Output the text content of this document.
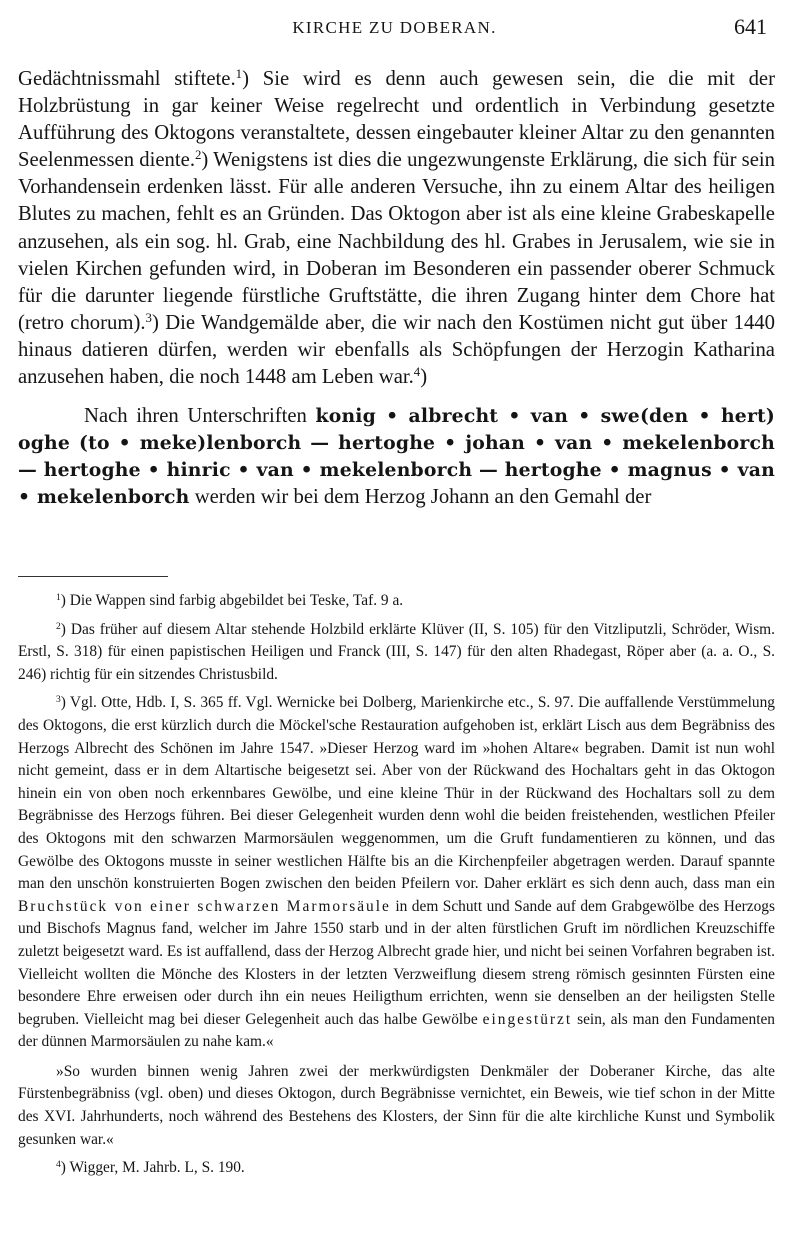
KIRCHE ZU DOBERAN.	641

Gedächtnissmahl stiftete.$^1$) Sie wird es denn auch gewesen sein, die die mit der Holzbrüstung in gar keiner Weise regelrecht und ordentlich in Verbindung gesetzte Aufführung des Oktogons veranstaltete, dessen eingebauter kleiner Altar zu den genannten Seelenmessen diente.$^2$) Wenigstens ist dies die ungezwungenste Erklärung, die sich für sein Vorhandensein erdenken lässt. Für alle anderen Versuche, ihn zu einem Altar des heiligen Blutes zu machen, fehlt es an Gründen. Das Oktogon aber ist als eine kleine Grabeskapelle anzusehen, als ein sog. hl. Grab, eine Nachbildung des hl. Grabes in Jerusalem, wie sie in vielen Kirchen gefunden wird, in Doberan im Besonderen ein passender oberer Schmuck für die darunter liegende fürstliche Gruftstätte, die ihren Zugang hinter dem Chore hat (retro chorum).$^3$) Die Wandgemälde aber, die wir nach den Kostümen nicht gut über 1440 hinaus datieren dürfen, werden wir ebenfalls als Schöpfungen der Herzogin Katharina anzusehen haben, die noch 1448 am Leben war.$^4$)

Nach ihren Unterschriften konig • albrecht • van • swe(den • hert) oghe (to • meke)lenborch — hertoghe • johan • van • mekelenborch — hertoghe • hinric • van • mekelenborch — hertoghe • magnus • van • mekelenborch werden wir bei dem Herzog Johann an den Gemahl der

$^1$) Die Wappen sind farbig abgebildet bei Teske, Taf. 9 a.

$^2$) Das früher auf diesem Altar stehende Holzbild erklärte Klüver (II, S. 105) für den Vitzliputzli, Schröder, Wism. Erstl, S. 318) für einen papistischen Heiligen und Franck (III, S. 147) für den alten Rhadegast, Röper aber (a. a. O., S. 246) richtig für ein sitzendes Christusbild.

$^3$) Vgl. Otte, Hdb. I, S. 365 ff. Vgl. Wernicke bei Dolberg, Marienkirche etc., S. 97. Die auffallende Verstümmelung des Oktogons, die erst kürzlich durch die Möckel'sche Restauration aufgehoben ist, erklärt Lisch aus dem Begräbniss des Herzogs Albrecht des Schönen im Jahre 1547. »Dieser Herzog ward im »hohen Altare« begraben. Damit ist nun wohl nicht gemeint, dass er in dem Altartische beigesetzt sei. Aber von der Rückwand des Hochaltars geht in das Oktogon hinein ein von oben noch erkennbares Gewölbe, und eine kleine Thür in der Rückwand des Hochaltars soll zu dem Begräbnisse des Herzogs führen. Bei dieser Gelegenheit wurden denn wohl die beiden freistehenden, westlichen Pfeiler des Oktogons mit den schwarzen Marmorsäulen weggenommen, um die Gruft fundamentieren zu können, und das Gewölbe des Oktogons musste in seiner westlichen Hälfte bis an die Kirchenpfeiler abgetragen werden. Darauf spannte man den unschön konstruierten Bogen zwischen den beiden Pfeilern vor. Daher erklärt es sich denn auch, dass man ein Bruchstück von einer schwarzen Marmorsäule in dem Schutt und Sande auf dem Grabgewölbe des Herzogs und Bischofs Magnus fand, welcher im Jahre 1550 starb und in der alten fürstlichen Gruft im nördlichen Kreuzschiffe zuletzt beigesetzt ward. Es ist auffallend, dass der Herzog Albrecht grade hier, und nicht bei seinen Vorfahren begraben ist. Vielleicht wollten die Mönche des Klosters in der letzten Verzweiflung diesem streng römisch gesinnten Fürsten eine besondere Ehre erweisen oder durch ihn ein neues Heiligthum errichten, wenn sie denselben an der heiligsten Stelle begruben. Vielleicht mag bei dieser Gelegenheit auch das halbe Gewölbe eingestürzt sein, als man den Fundamenten der dünnen Marmorsäulen zu nahe kam.«

»So wurden binnen wenig Jahren zwei der merkwürdigsten Denkmäler der Doberaner Kirche, das alte Fürstenbegräbniss (vgl. oben) und dieses Oktogon, durch Begräbnisse vernichtet, ein Beweis, wie tief schon in der Mitte des XVI. Jahrhunderts, noch während des Bestehens des Klosters, der Sinn für die alte kirchliche Kunst und Symbolik gesunken war.«

$^4$) Wigger, M. Jahrb. L, S. 190.
